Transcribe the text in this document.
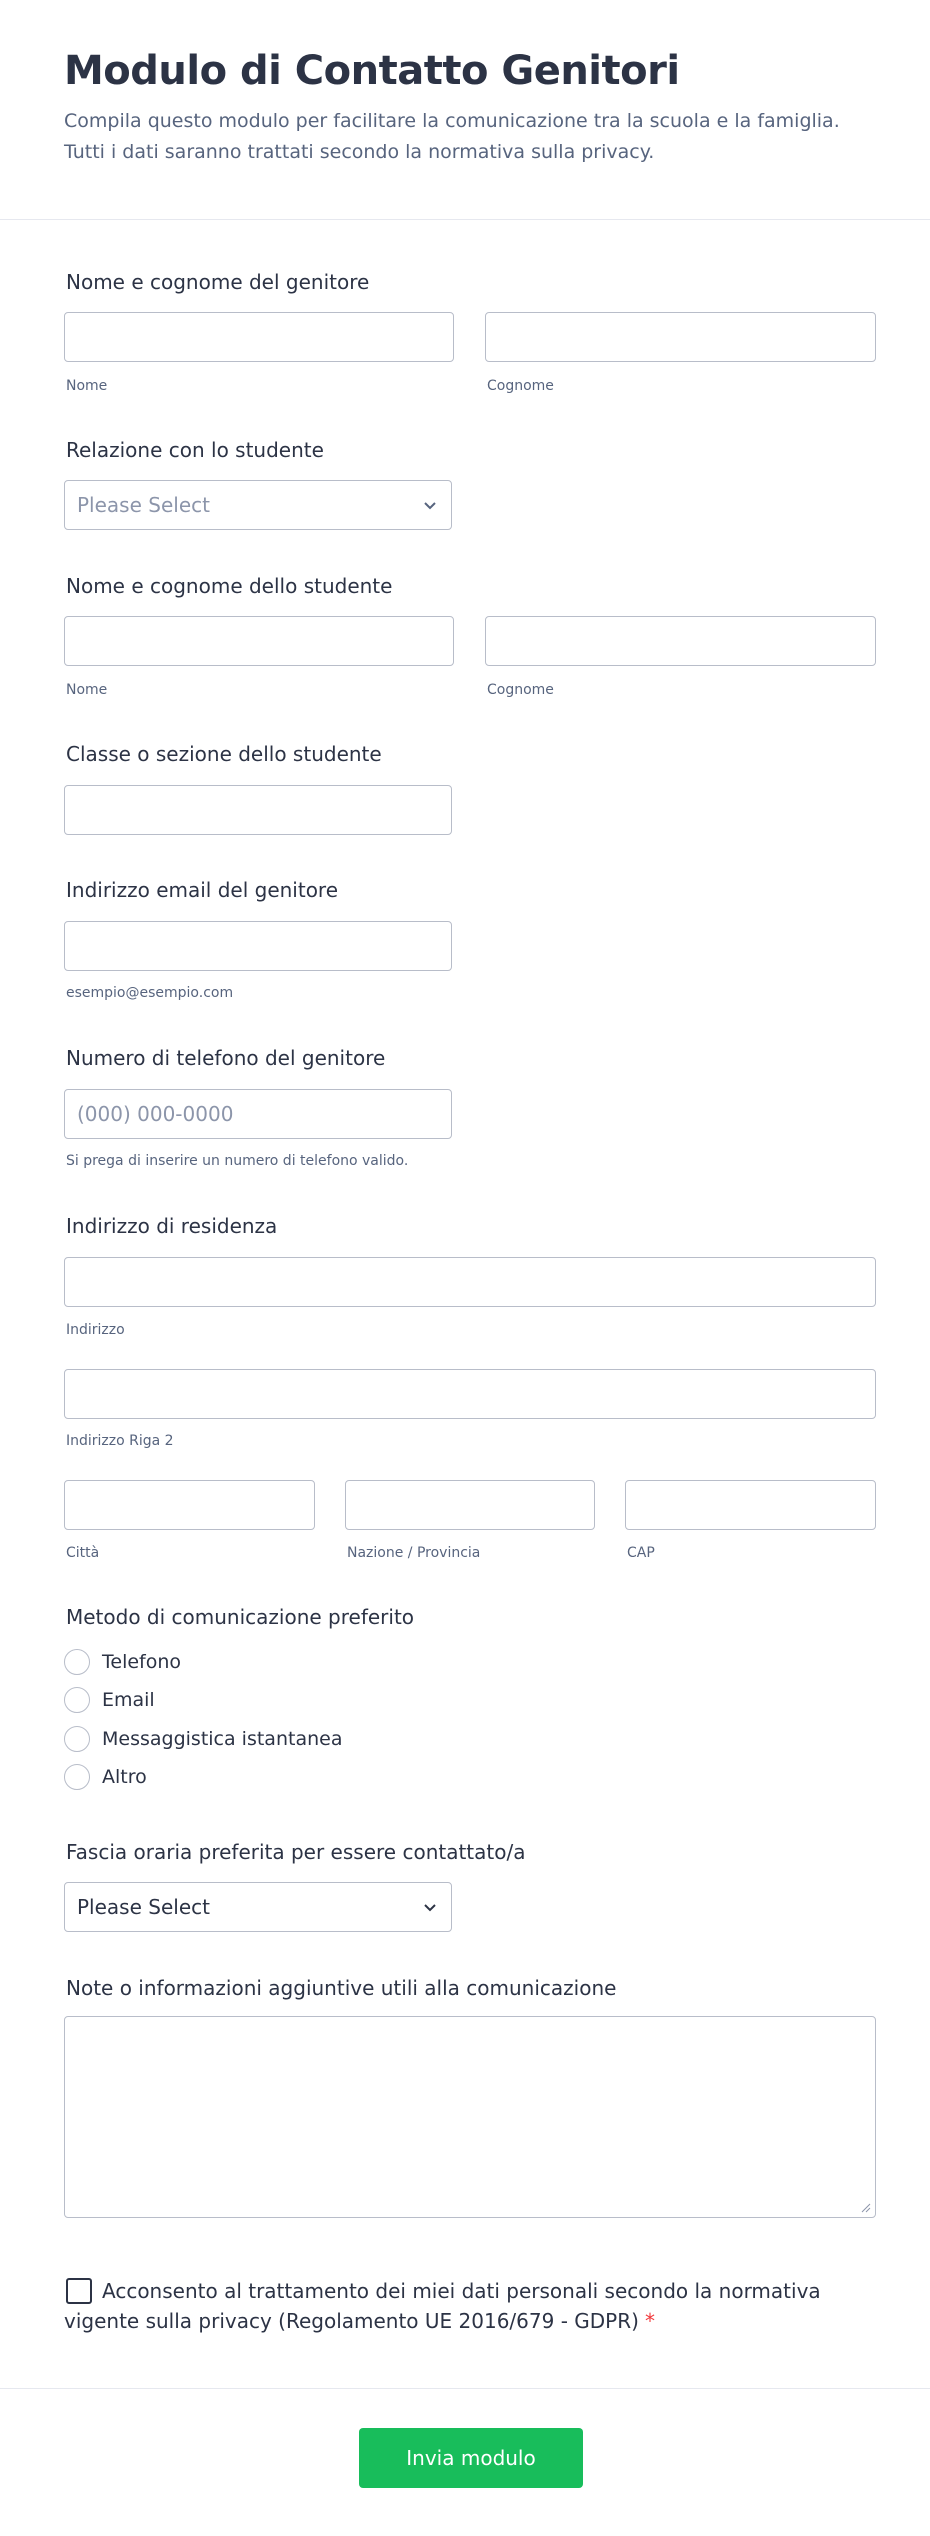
Modulo di Contatto Genitori

Compila questo modulo per facilitare la comunicazione tra la scuola e la famiglia. Tutti i dati saranno trattati secondo la normativa sulla privacy.

Nome e cognome del genitore
Nome	Cognome
Relazione con lo studente
Please Select
Nome e cognome dello studente
Nome	Cognome
Classe o sezione dello studente
Indirizzo email del genitore
esempio@esempio.com
Numero di telefono del genitore
(000) 000-0000
Si prega di inserire un numero di telefono valido.
Indirizzo di residenza
Indirizzo
Indirizzo Riga 2
Città	Nazione / Provincia	CAP
Metodo di comunicazione preferito
Telefono
Email
Messaggistica istantanea
Altro
Fascia oraria preferita per essere contattato/a
Please Select
Note o informazioni aggiuntive utili alla comunicazione
Acconsento al trattamento dei miei dati personali secondo la normativa vigente sulla privacy (Regolamento UE 2016/679 - GDPR) *
Invia modulo
